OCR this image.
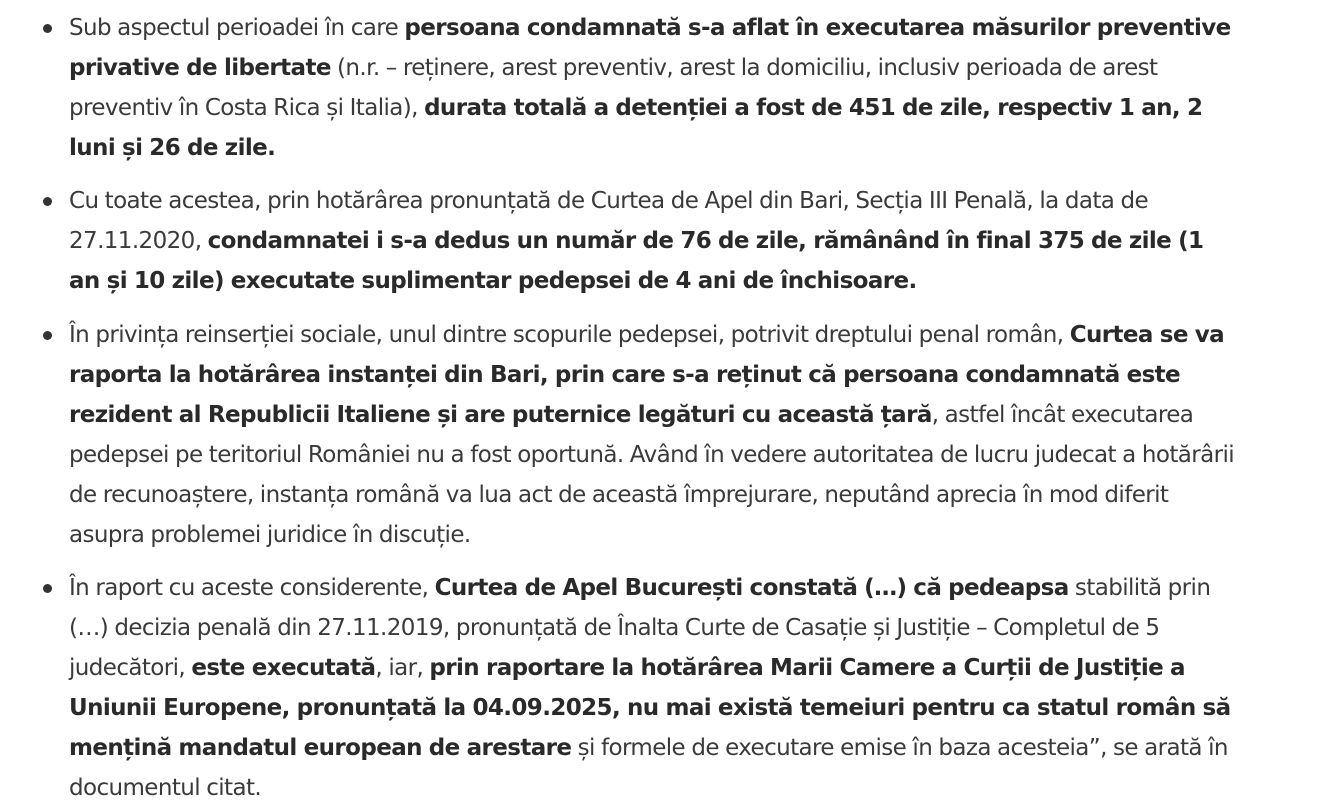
Sub aspectul perioadei în care persoana condamnată s-a aflat în executarea măsurilor preventive privative de libertate (n.r. – reținere, arest preventiv, arest la domiciliu, inclusiv perioada de arest preventiv în Costa Rica și Italia), durata totală a detenției a fost de 451 de zile, respectiv 1 an, 2 luni și 26 de zile.
Cu toate acestea, prin hotărârea pronunțată de Curtea de Apel din Bari, Secția III Penală, la data de 27.11.2020, condamnatei i s-a dedus un număr de 76 de zile, rămânând în final 375 de zile (1 an și 10 zile) executate suplimentar pedepsei de 4 ani de închisoare.
În privința reinserției sociale, unul dintre scopurile pedepsei, potrivit dreptului penal român, Curtea se va raporta la hotărârea instanței din Bari, prin care s-a reținut că persoana condamnată este rezident al Republicii Italiene și are puternice legături cu această țară, astfel încât executarea pedepsei pe teritoriul României nu a fost oportună. Având în vedere autoritatea de lucru judecat a hotărârii de recunoaștere, instanța română va lua act de această împrejurare, neputând aprecia în mod diferit asupra problemei juridice în discuție.
În raport cu aceste considerente, Curtea de Apel București constată (…) că pedeapsa stabilită prin (…) decizia penală din 27.11.2019, pronunțată de Înalta Curte de Casație și Justiție – Completul de 5 judecători, este executată, iar, prin raportare la hotărârea Marii Camere a Curții de Justiție a Uniunii Europene, pronunțată la 04.09.2025, nu mai există temeiuri pentru ca statul român să mențină mandatul european de arestare și formele de executare emise în baza acesteia”, se arată în documentul citat.
